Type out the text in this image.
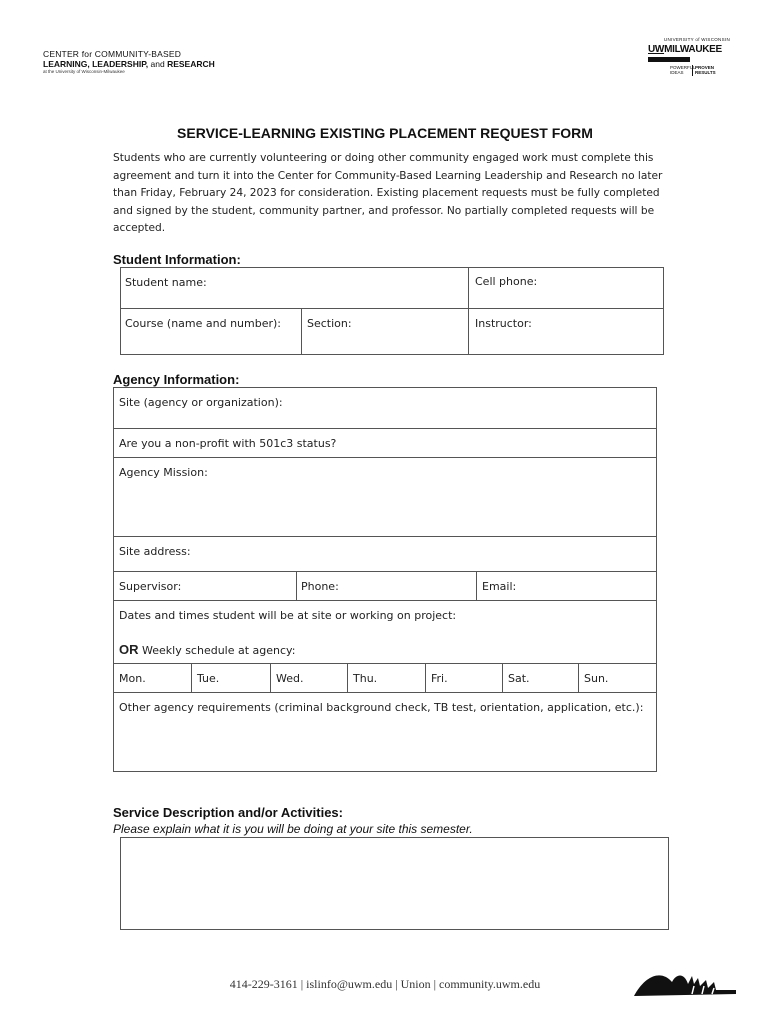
CENTER for COMMUNITY-BASED
LEARNING, LEADERSHIP, and RESEARCH
at the University of Wisconsin-Milwaukee
UNIVERSITY of WISCONSIN
UWMILWAUKEE
POWERFUL
IDEAS
PROVEN
RESULTS
SERVICE-LEARNING EXISTING PLACEMENT REQUEST FORM
Students who are currently volunteering or doing other community engaged work must complete this agreement and turn it into the Center for Community-Based Learning Leadership and Research no later than Friday, February 24, 2023 for consideration. Existing placement requests must be fully completed and signed by the student, community partner, and professor. No partially completed requests will be accepted.
Student Information:
Student name:	Cell phone:
Course (name and number): Section:	Instructor:
Agency Information:
Site (agency or organization):
Are you a non-profit with 501c3 status?
Agency Mission:
Site address:
Supervisor:	Phone:	Email:
Dates and times student will be at site or working on project:
OR Weekly schedule at agency:
Mon.	Tue.	Wed.	Thu.	Fri.	Sat.	Sun.
Other agency requirements (criminal background check, TB test, orientation, application, etc.):
Service Description and/or Activities:
Please explain what it is you will be doing at your site this semester.
414-229-3161 | islinfo@uwm.edu | Union | community.uwm.edu
